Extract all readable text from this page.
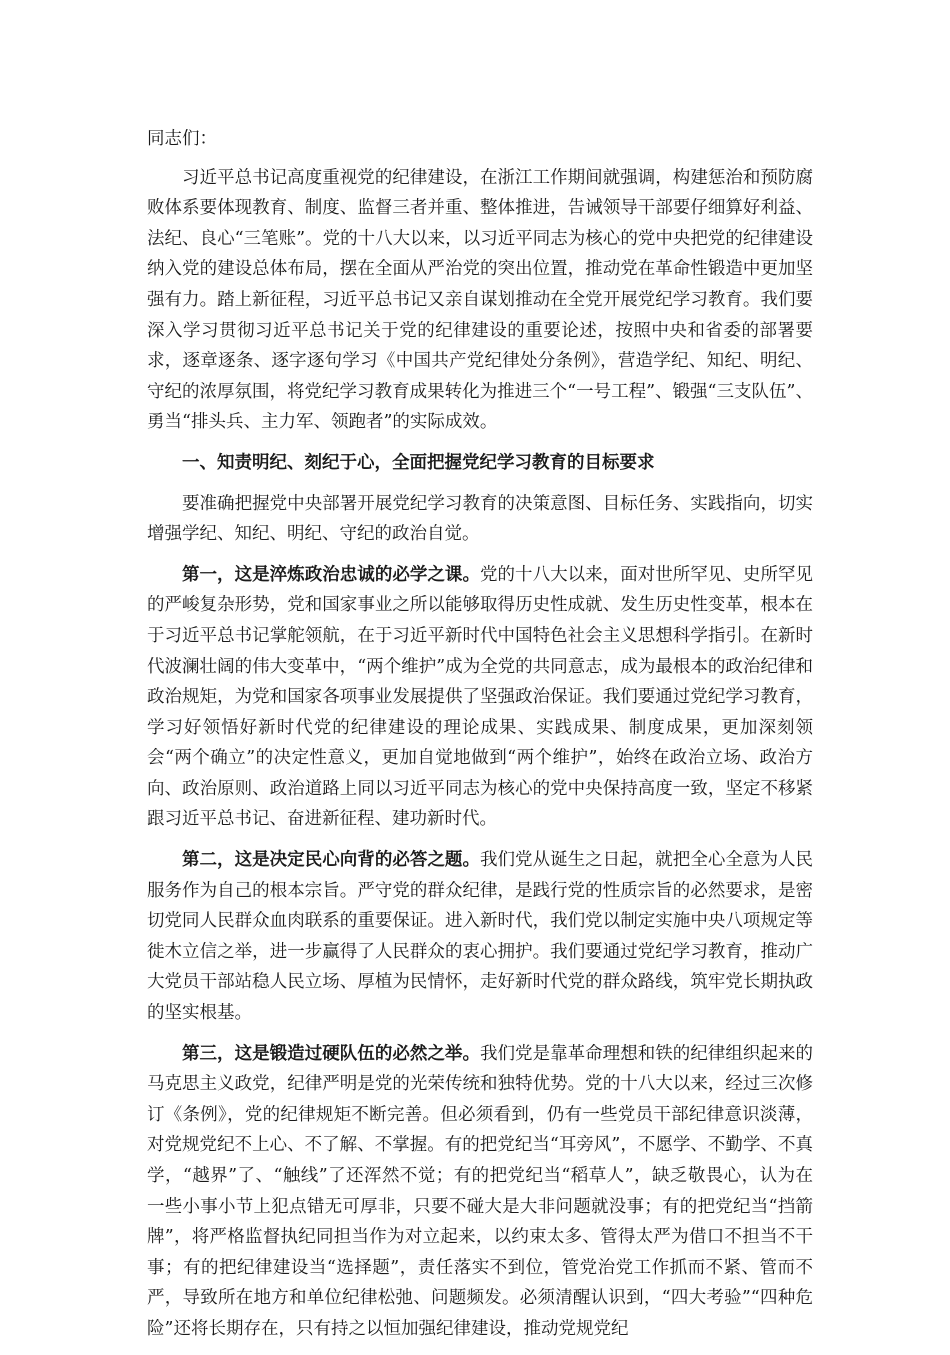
同志们：

习近平总书记高度重视党的纪律建设，在浙江工作期间就强调，构建惩治和预防腐败体系要体现教育、制度、监督三者并重、整体推进，告诫领导干部要仔细算好利益、法纪、良心“三笔账”。党的十八大以来，以习近平同志为核心的党中央把党的纪律建设纳入党的建设总体布局，摆在全面从严治党的突出位置，推动党在革命性锻造中更加坚强有力。踏上新征程，习近平总书记又亲自谋划推动在全党开展党纪学习教育。我们要深入学习贯彻习近平总书记关于党的纪律建设的重要论述，按照中央和省委的部署要求，逐章逐条、逐字逐句学习《中国共产党纪律处分条例》，营造学纪、知纪、明纪、守纪的浓厚氛围，将党纪学习教育成果转化为推进三个“一号工程”、锻强“三支队伍”、勇当“排头兵、主力军、领跑者”的实际成效。

一、知责明纪、刻纪于心，全面把握党纪学习教育的目标要求

要准确把握党中央部署开展党纪学习教育的决策意图、目标任务、实践指向，切实增强学纪、知纪、明纪、守纪的政治自觉。

第一，这是淬炼政治忠诚的必学之课。党的十八大以来，面对世所罕见、史所罕见的严峻复杂形势，党和国家事业之所以能够取得历史性成就、发生历史性变革，根本在于习近平总书记掌舵领航，在于习近平新时代中国特色社会主义思想科学指引。在新时代波澜壮阔的伟大变革中，“两个维护”成为全党的共同意志，成为最根本的政治纪律和政治规矩，为党和国家各项事业发展提供了坚强政治保证。我们要通过党纪学习教育，学习好领悟好新时代党的纪律建设的理论成果、实践成果、制度成果，更加深刻领会“两个确立”的决定性意义，更加自觉地做到“两个维护”，始终在政治立场、政治方向、政治原则、政治道路上同以习近平同志为核心的党中央保持高度一致，坚定不移紧跟习近平总书记、奋进新征程、建功新时代。

第二，这是决定民心向背的必答之题。我们党从诞生之日起，就把全心全意为人民服务作为自己的根本宗旨。严守党的群众纪律，是践行党的性质宗旨的必然要求，是密切党同人民群众血肉联系的重要保证。进入新时代，我们党以制定实施中央八项规定等徙木立信之举，进一步赢得了人民群众的衷心拥护。我们要通过党纪学习教育，推动广大党员干部站稳人民立场、厚植为民情怀，走好新时代党的群众路线，筑牢党长期执政的坚实根基。

第三，这是锻造过硬队伍的必然之举。我们党是靠革命理想和铁的纪律组织起来的马克思主义政党，纪律严明是党的光荣传统和独特优势。党的十八大以来，经过三次修订《条例》，党的纪律规矩不断完善。但必须看到，仍有一些党员干部纪律意识淡薄，对党规党纪不上心、不了解、不掌握。有的把党纪当“耳旁风”，不愿学、不勤学、不真学，“越界”了、“触线”了还浑然不觉；有的把党纪当“稻草人”，缺乏敬畏心，认为在一些小事小节上犯点错无可厚非，只要不碰大是大非问题就没事；有的把党纪当“挡箭牌”，将严格监督执纪同担当作为对立起来，以约束太多、管得太严为借口不担当不干事；有的把纪律建设当“选择题”，责任落实不到位，管党治党工作抓而不紧、管而不严，导致所在地方和单位纪律松弛、问题频发。必须清醒认识到，“四大考验”“四种危险”还将长期存在，只有持之以恒加强纪律建设，推动党规党纪
